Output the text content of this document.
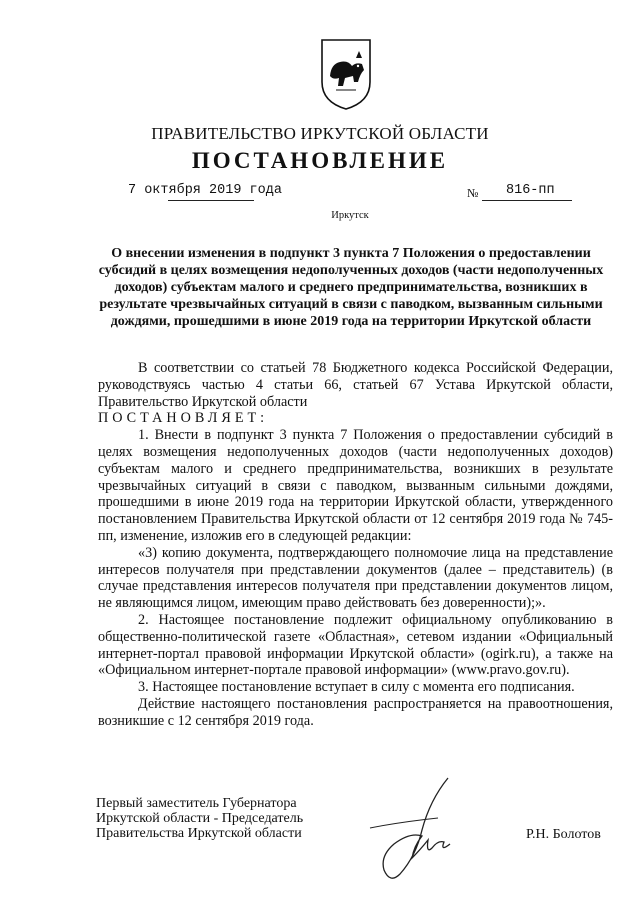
ПРАВИТЕЛЬСТВО ИРКУТСКОЙ ОБЛАСТИ
ПОСТАНОВЛЕНИЕ
7 октября 2019 года	№ 816-пп
Иркутск
О внесении изменения в подпункт 3 пункта 7 Положения о предоставлении субсидий в целях возмещения недополученных доходов (части недополученных доходов) субъектам малого и среднего предпринимательства, возникших в результате чрезвычайных ситуаций в связи с паводком, вызванным сильными дождями, прошедшими в июне 2019 года на территории Иркутской области

В соответствии со статьей 78 Бюджетного кодекса Российской Федерации, руководствуясь частью 4 статьи 66, статьей 67 Устава Иркутской области, Правительство Иркутской области

ПОСТАНОВЛЯЕТ:

1. Внести в подпункт 3 пункта 7 Положения о предоставлении субсидий в целях возмещения недополученных доходов (части недополученных доходов) субъектам малого и среднего предпринимательства, возникших в результате чрезвычайных ситуаций в связи с паводком, вызванным сильными дождями, прошедшими в июне 2019 года на территории Иркутской области, утвержденного постановлением Правительства Иркутской области от 12 сентября 2019 года № 745-пп, изменение, изложив его в следующей редакции:

«3) копию документа, подтверждающего полномочие лица на представление интересов получателя при представлении документов (далее – представитель) (в случае представления интересов получателя при представлении документов лицом, не являющимся лицом, имеющим право действовать без доверенности);».

2. Настоящее постановление подлежит официальному опубликованию в общественно-политической газете «Областная», сетевом издании «Официальный интернет-портал правовой информации Иркутской области» (ogirk.ru), а также на «Официальном интернет-портале правовой информации» (www.pravo.gov.ru).

3. Настоящее постановление вступает в силу с момента его подписания.

Действие настоящего постановления распространяется на правоотношения, возникшие с 12 сентября 2019 года.

Первый заместитель Губернатора
Иркутской области - Председатель
Правительства Иркутской области	Р.Н. Болотов
